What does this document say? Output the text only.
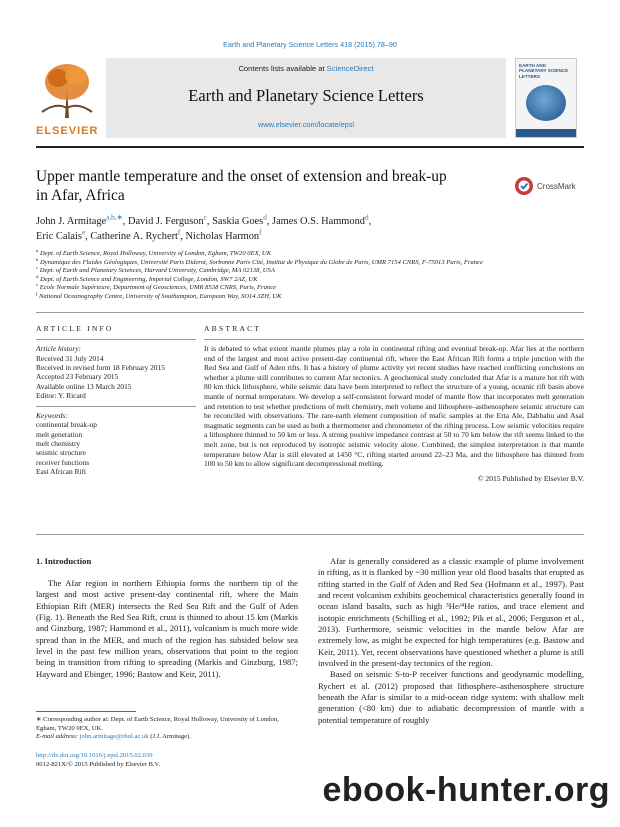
Earth and Planetary Science Letters 418 (2015) 78–90
ELSEVIER
Contents lists available at ScienceDirect
Earth and Planetary Science Letters
www.elsevier.com/locate/epsl
EARTH AND PLANETARY SCIENCE LETTERS
Upper mantle temperature and the onset of extension and break-up
in Afar, Africa
CrossMark
John J. Armitage$^{a,b,∗}$, David J. Ferguson$^c$, Saskia Goes$^d$, James O.S. Hammond$^d$,
Eric Calais$^e$, Catherine A. Rychert$^f$, Nicholas Harmon$^f$
$^a$ Dept. of Earth Science, Royal Holloway, University of London, Egham, TW20 0EX, UK
$^b$ Dynamique des Fluides Géologiques, Université Paris Diderot, Sorbonne Paris Cité, Institut de Physique du Globe de Paris, UMR 7154 CNRS, F-75013 Paris, France
$^c$ Dept. of Earth and Planetary Sciences, Harvard University, Cambridge, MA 02138, USA
$^d$ Dept. of Earth Science and Engineering, Imperial College, London, SW7 2AZ, UK
$^e$ Ecole Normale Supérieure, Department of Geosciences, UMR 8538 CNRS, Paris, France
$^f$ National Oceanography Centre, University of Southampton, European Way, SO14 3ZH, UK
ARTICLE INFO
Article history:
Received 31 July 2014
Received in revised form 18 February 2015
Accepted 23 February 2015
Available online 13 March 2015
Editor: Y. Ricard
Keywords:
continental break-up
melt generation
melt chemistry
seismic structure
receiver functions
East African Rift
ABSTRACT
It is debated to what extent mantle plumes play a role in continental rifting and eventual break-up. Afar lies at the northern end of the largest and most active present-day continental rift, where the East African Rift forms a triple junction with the Red Sea and Gulf of Aden rifts. It has a history of plume activity yet recent studies have reached conflicting conclusions on whether a plume still contributes to current Afar tectonics. A geochemical study concluded that Afar is a mature hot rift with 80 km thick lithosphere, while seismic data have been interpreted to reflect the structure of a young, oceanic rift basin above mantle of normal temperature. We develop a self-consistent forward model of mantle flow that incorporates melt generation and retention to test whether predictions of melt chemistry, melt volume and lithosphere–asthenosphere seismic structure can be reconciled with observations. The rare-earth element composition of mafic samples at the Erta Ale, Dabbahu and Asal magmatic segments can be used as both a thermometer and chronometer of the rifting process. Low seismic velocities require a lithosphere thinned to 50 km or less. A strong positive impedance contrast at 50 to 70 km below the rift seems linked to the melt zone, but is not reproduced by isotropic seismic velocity alone. Combined, the simplest interpretation is that mantle temperature below Afar is still elevated at 1450 °C, rifting started around 22–23 Ma, and the lithosphere has thinned from 100 to 50 km to allow significant decompressional melting.
© 2015 Published by Elsevier B.V.
1. Introduction
The Afar region in northern Ethiopia forms the northern tip of the largest and most active present-day continental rift, where the Main Ethiopian Rift (MER) intersects the Red Sea Rift and the Gulf of Aden (Fig. 1). Beneath the Red Sea Rift, crust is thinned to about 15 km (Markis and Ginzburg, 1987; Hammond et al., 2011), volcanism is much more wide spread than in the MER, and much of the region has subsided below sea level in the past few million years, observations that point to the region being in transition from rifting to spreading (Markis and Ginzburg, 1987; Hayward and Ebinger, 1996; Bastow and Keir, 2011).
Afar is generally considered as a classic example of plume involvement in rifting, as it is flanked by ~30 million year old flood basalts that erupted as rifting started in the Gulf of Aden and Red Sea (Hofmann et al., 1997). Past and recent volcanism exhibits geochemical characteristics generally found in ocean island basalts, such as high ³He/⁴He ratios, and trace element and isotopic enrichments (Schilling et al., 1992; Pik et al., 2006; Ferguson et al., 2013). Furthermore, seismic velocities in the mantle below Afar are extremely low, as might be expected for high temperatures (e.g. Bastow and Keir, 2011). Yet, recent observations have questioned whether a plume is still involved in the present-day tectonics of the region.
Based on seismic S-to-P receiver functions and geodynamic modelling, Rychert et al. (2012) proposed that lithosphere–asthenosphere structure beneath the Afar is similar to a mid-ocean ridge system: with shallow melt generation (<80 km) due to adiabatic decompression of mantle with a potential temperature of roughly
∗ Corresponding author at: Dept. of Earth Science, Royal Holloway, University of London, Egham, TW20 0EX, UK.
E-mail address: john.armitage@rhul.ac.uk (J.J. Armitage).
http://dx.doi.org/10.1016/j.epsl.2015.02.039
0012-821X/© 2015 Published by Elsevier B.V.
ebook-hunter.org
